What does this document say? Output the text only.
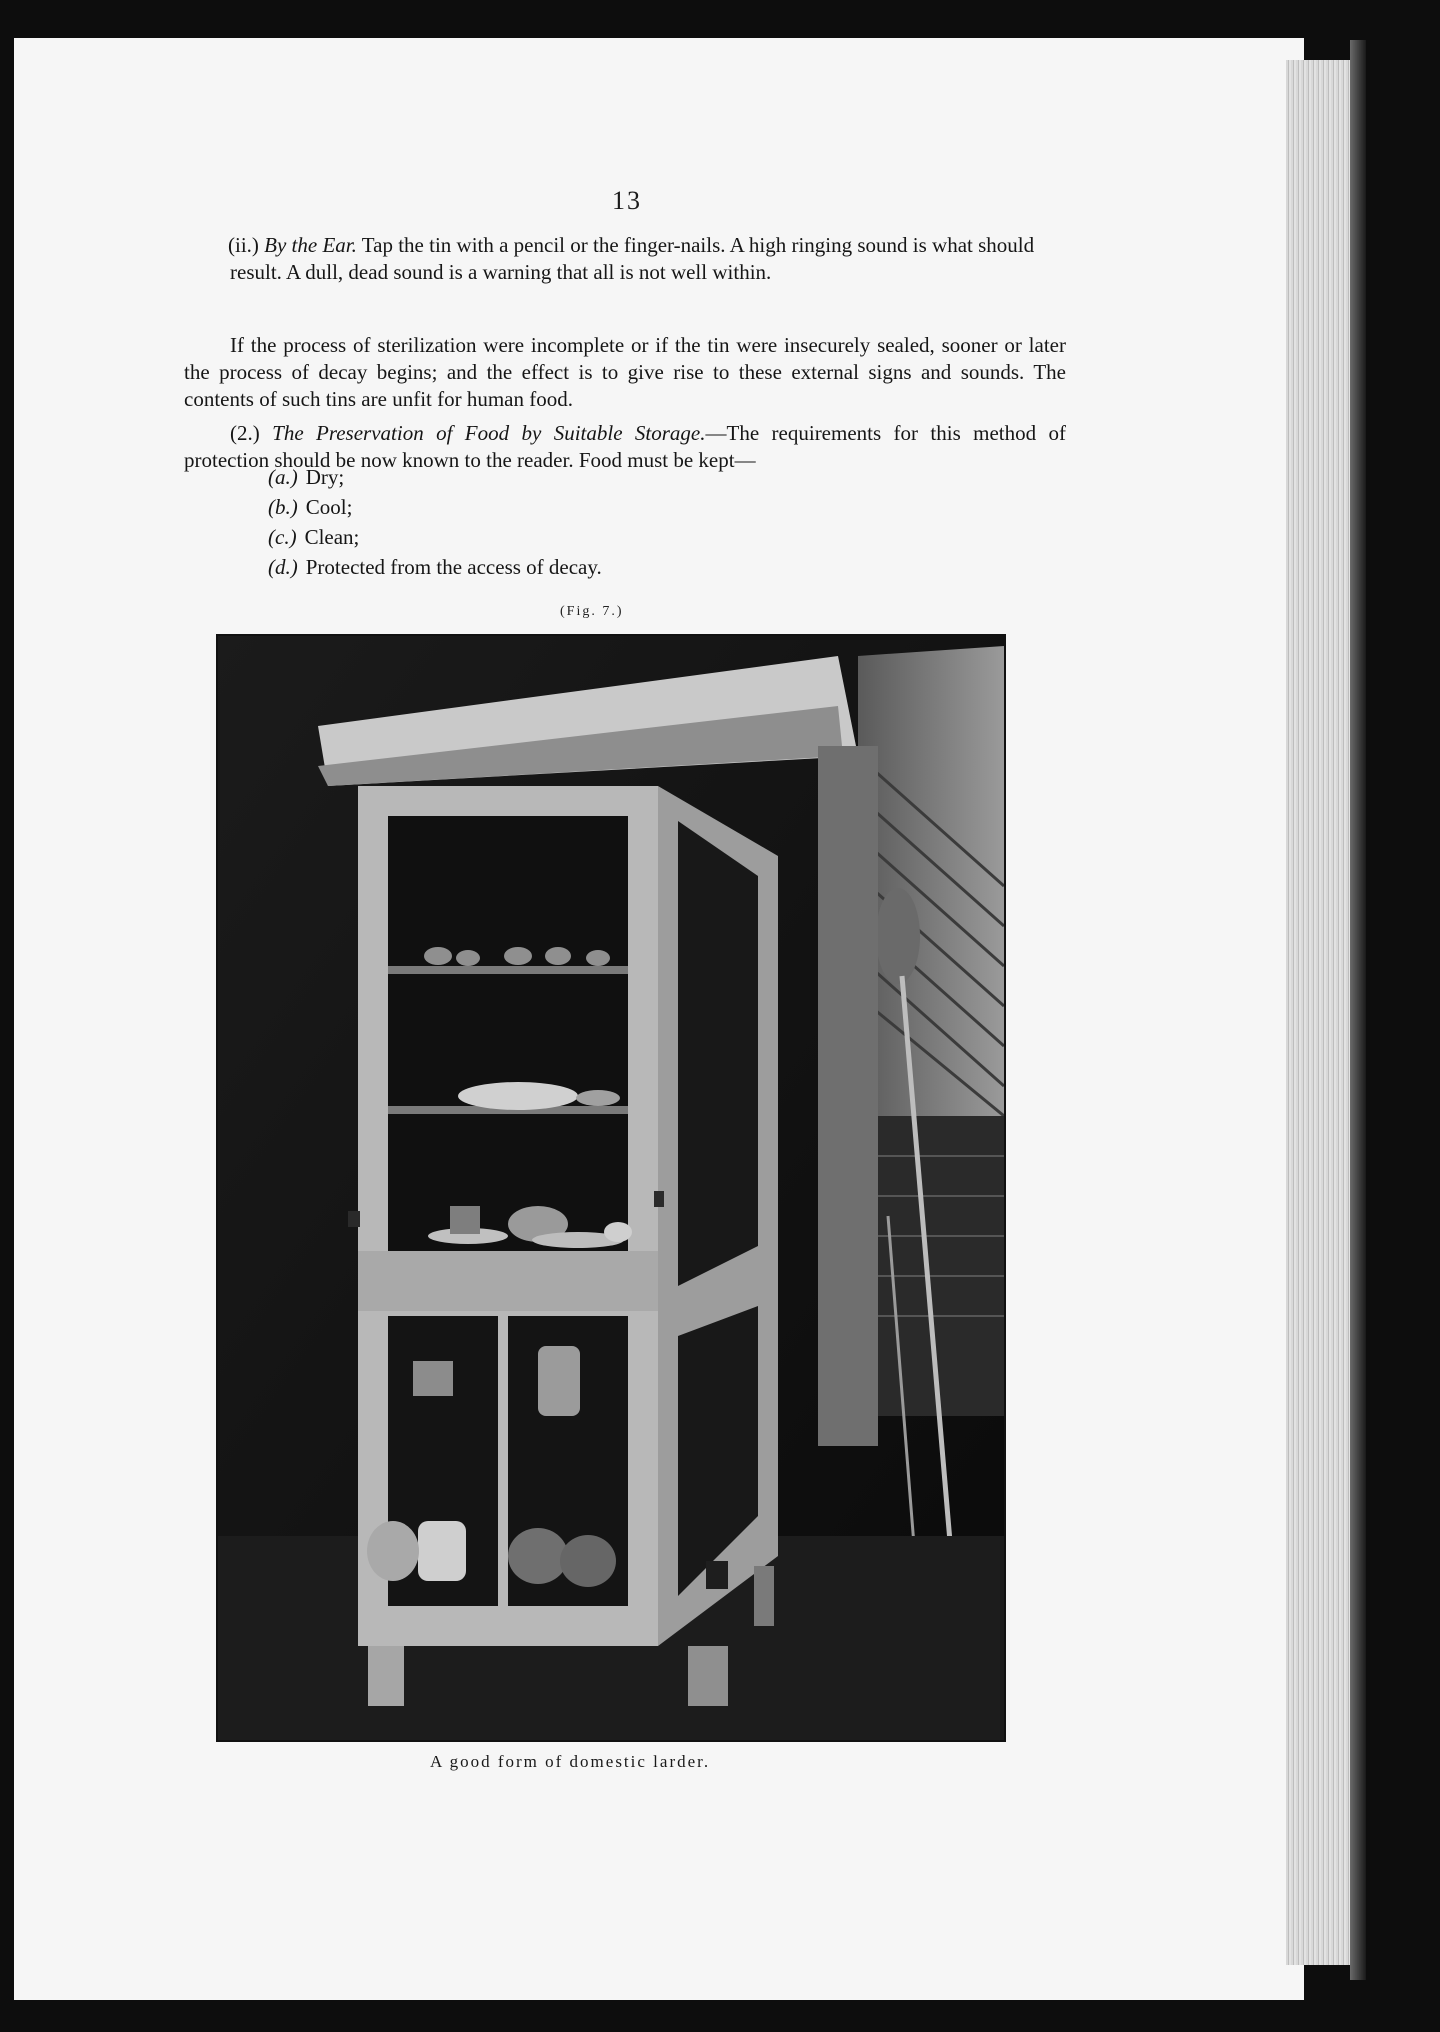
13
(ii.) By the Ear. Tap the tin with a pencil or the finger-nails. A high ringing sound is what should result. A dull, dead sound is a warning that all is not well within.
If the process of sterilization were incomplete or if the tin were insecurely sealed, sooner or later the process of decay begins; and the effect is to give rise to these external signs and sounds. The contents of such tins are unfit for human food.
(2.) The Preservation of Food by Suitable Storage.—The requirements for this method of protection should be now known to the reader. Food must be kept—
(a.) Dry;
(b.) Cool;
(c.) Clean;
(d.) Protected from the access of decay.
(Fig. 7.)
A good form of domestic larder.
